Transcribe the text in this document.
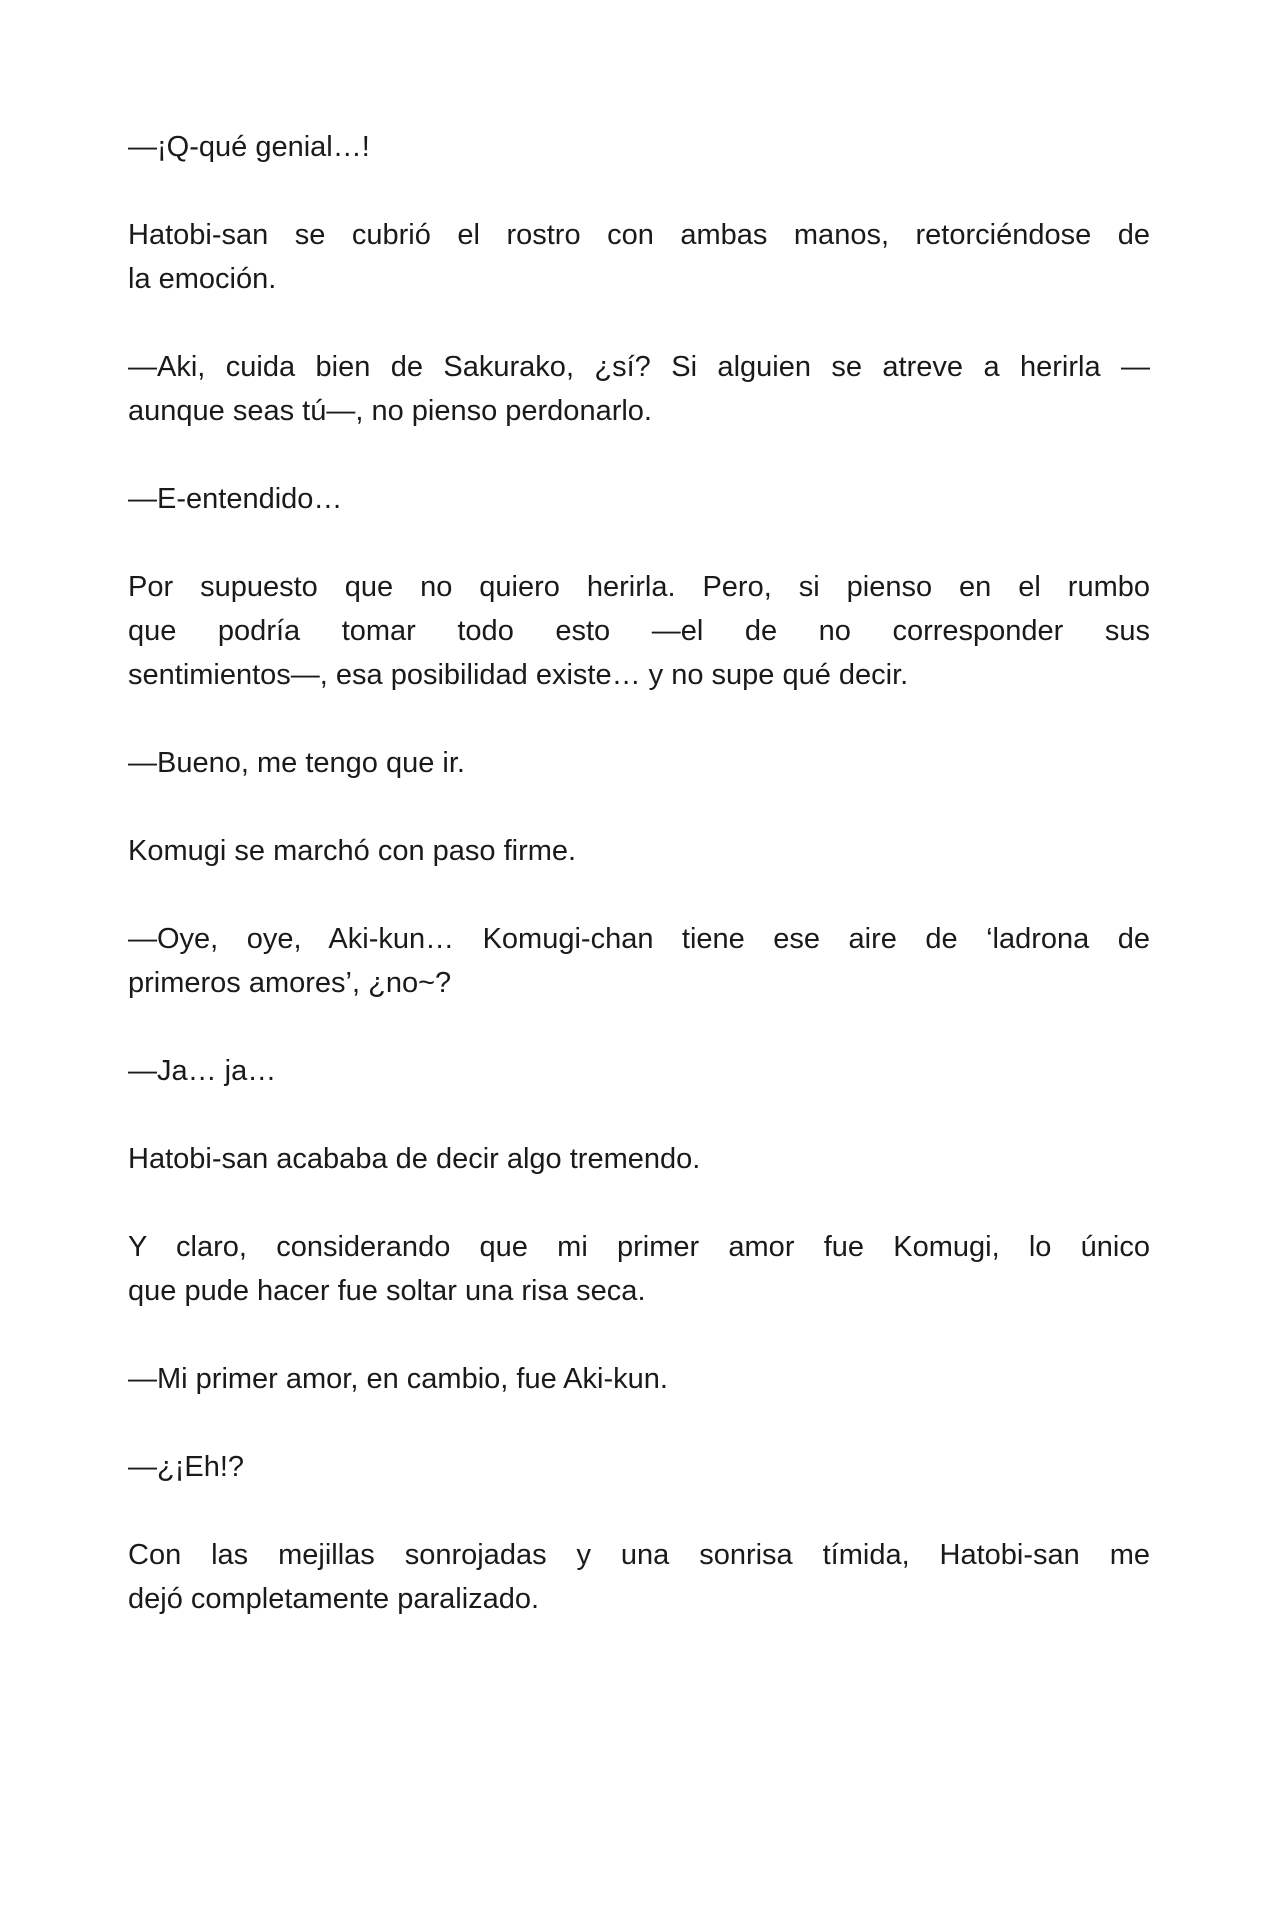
—¡Q-qué genial…!
Hatobi-san se cubrió el rostro con ambas manos, retorciéndose de
la emoción.
—Aki, cuida bien de Sakurako, ¿sí? Si alguien se atreve a herirla —
aunque seas tú—, no pienso perdonarlo.
—E-entendido…
Por supuesto que no quiero herirla. Pero, si pienso en el rumbo
que podría tomar todo esto —el de no corresponder sus
sentimientos—, esa posibilidad existe… y no supe qué decir.
—Bueno, me tengo que ir.
Komugi se marchó con paso firme.
—Oye, oye, Aki-kun… Komugi-chan tiene ese aire de ‘ladrona de
primeros amores’, ¿no~?
—Ja… ja…
Hatobi-san acababa de decir algo tremendo.
Y claro, considerando que mi primer amor fue Komugi, lo único
que pude hacer fue soltar una risa seca.
—Mi primer amor, en cambio, fue Aki-kun.
—¿¡Eh!?
Con las mejillas sonrojadas y una sonrisa tímida, Hatobi-san me
dejó completamente paralizado.
